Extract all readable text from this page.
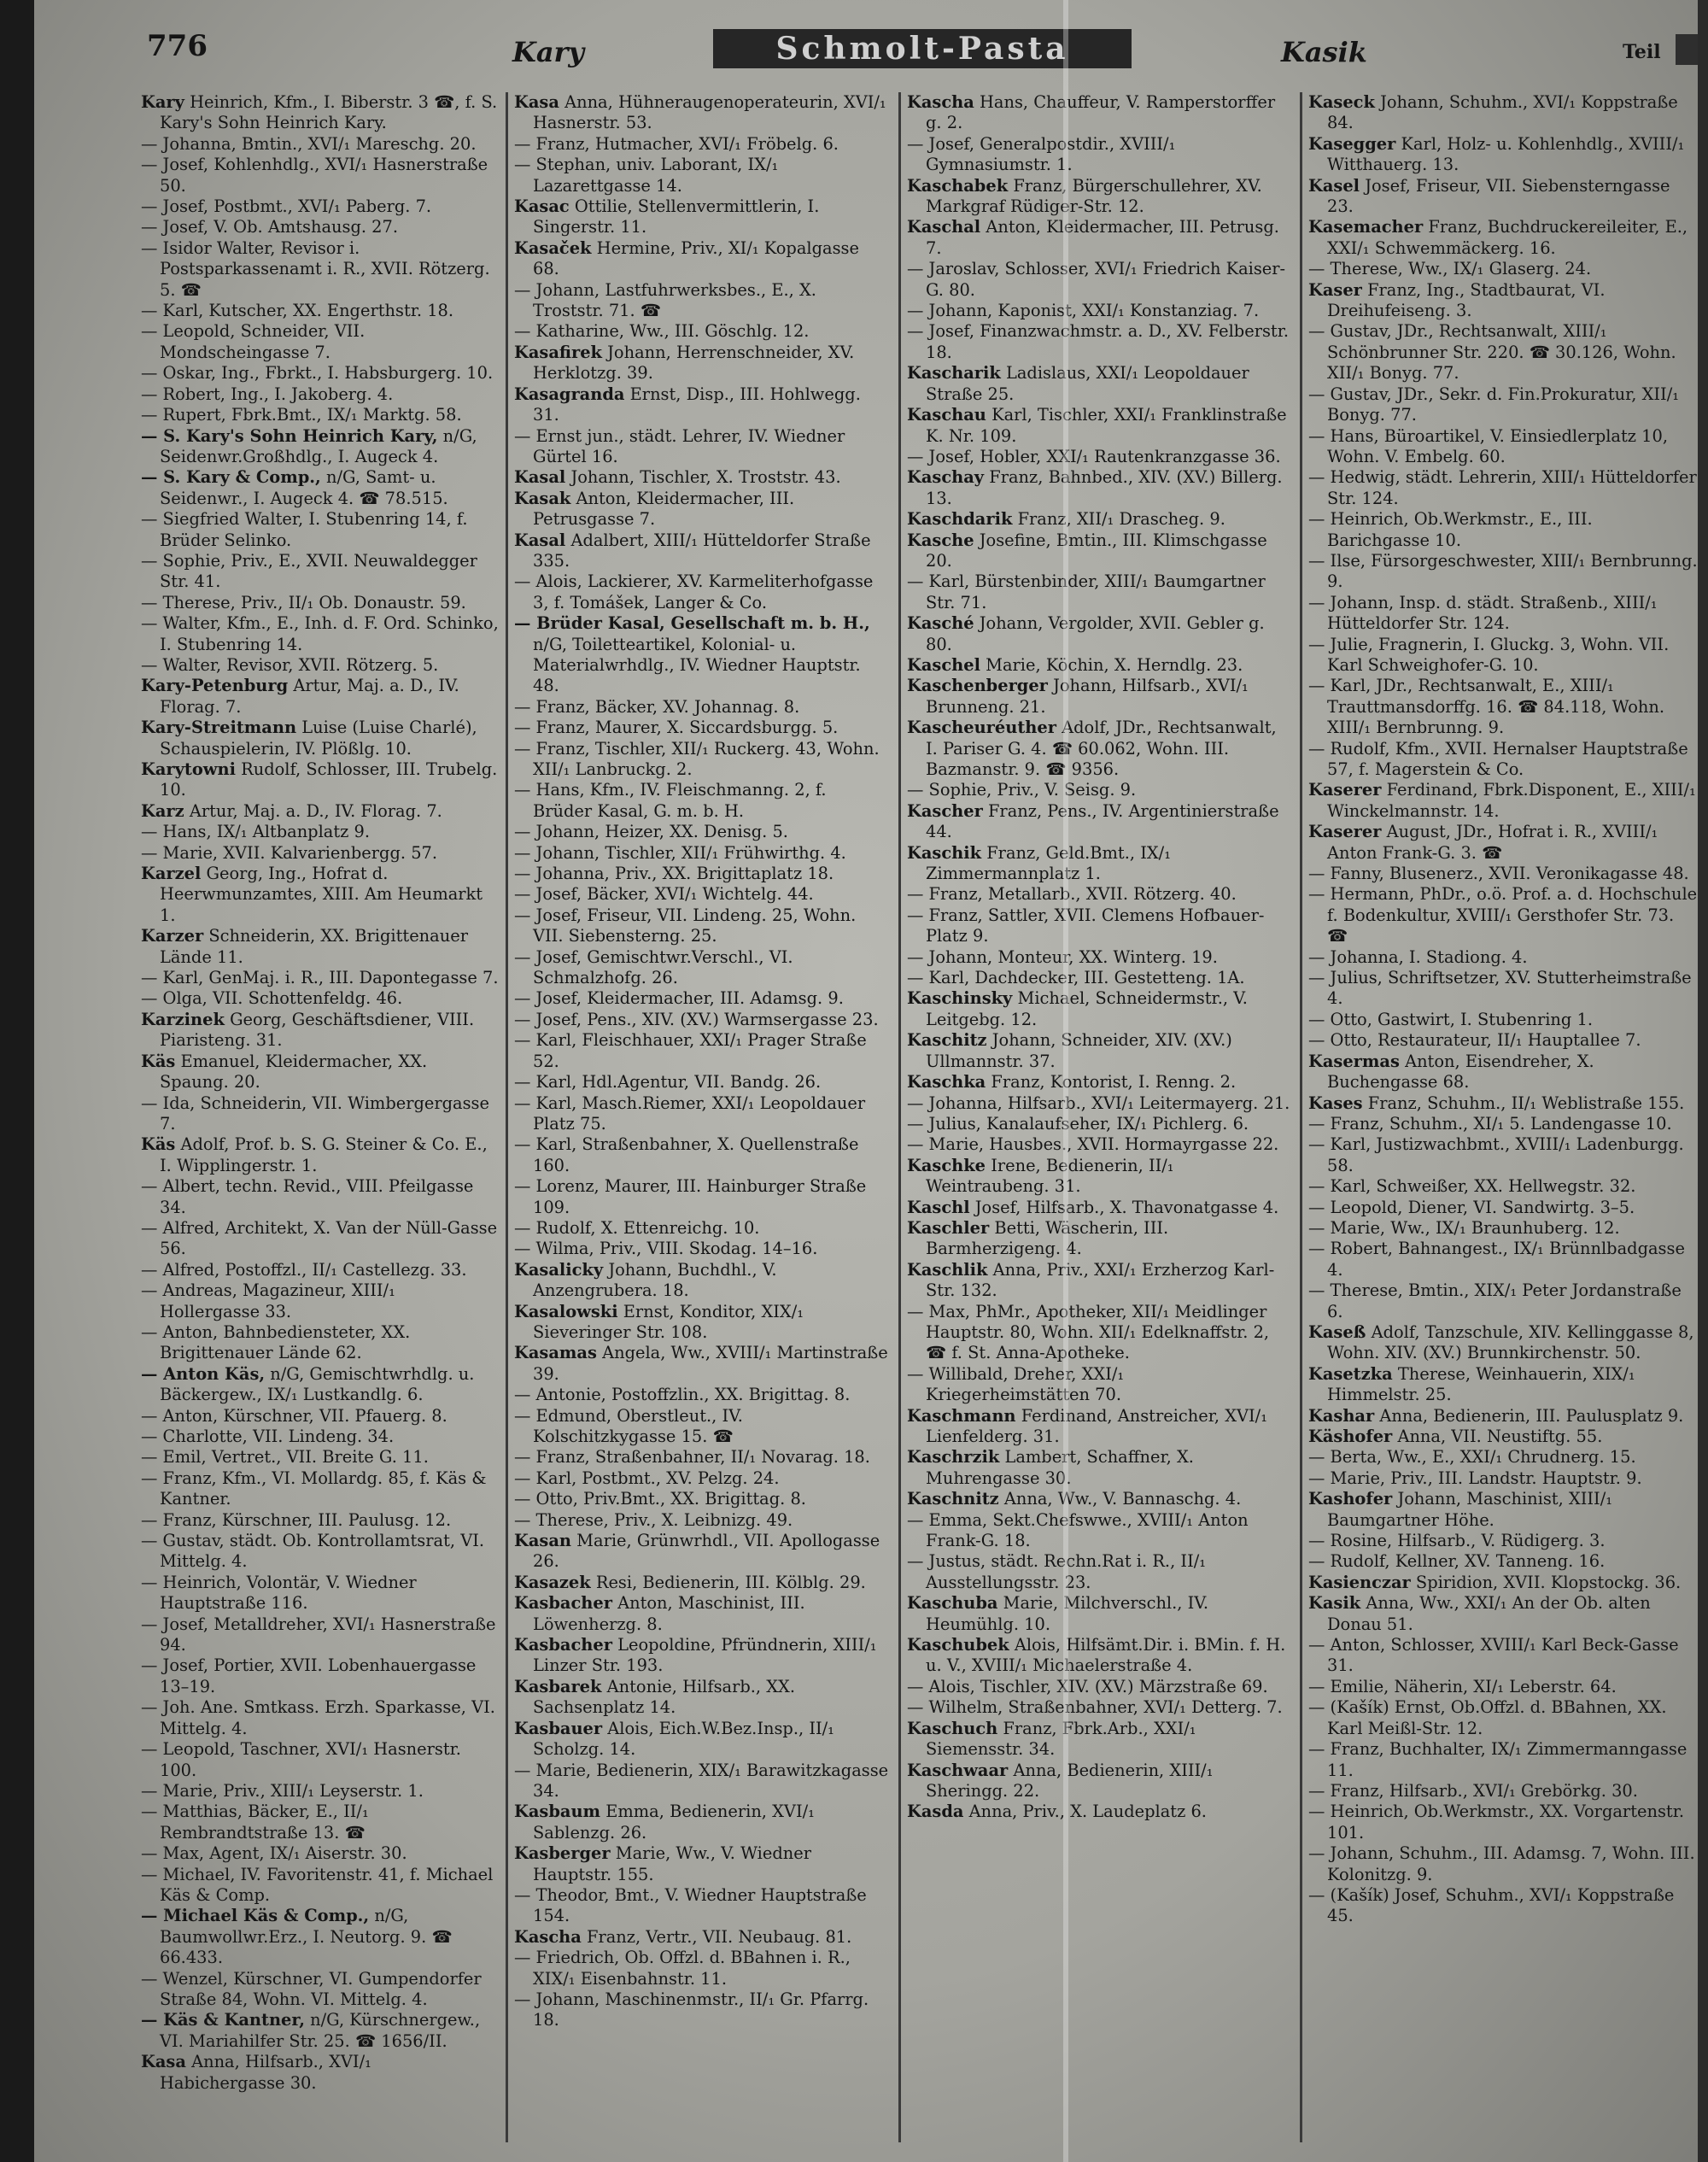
776	Kary	Schmolt-Pasta	Kasik	Teil

Kary Heinrich, Kfm., I. Biberstr. 3 ☎, f. S. Kary's Sohn Heinrich Kary.

— Johanna, Bmtin., XVI/₁ Mareschg. 20.

— Josef, Kohlenhdlg., XVI/₁ Hasnerstraße 50.

— Josef, Postbmt., XVI/₁ Paberg. 7.

— Josef, V. Ob. Amtshausg. 27.

— Isidor Walter, Revisor i. Postsparkassenamt i. R., XVII. Rötzerg. 5. ☎

— Karl, Kutscher, XX. Engerthstr. 18.

— Leopold, Schneider, VII. Mondscheingasse 7.

— Oskar, Ing., Fbrkt., I. Habsburgerg. 10.

— Robert, Ing., I. Jakoberg. 4.

— Rupert, Fbrk.Bmt., IX/₁ Marktg. 58.

— S. Kary's Sohn Heinrich Kary, n/G, Seidenwr.Großhdlg., I. Augeck 4.

— S. Kary & Comp., n/G, Samt- u. Seidenwr., I. Augeck 4. ☎ 78.515.

— Siegfried Walter, I. Stubenring 14, f. Brüder Selinko.

— Sophie, Priv., E., XVII. Neuwaldegger Str. 41.

— Therese, Priv., II/₁ Ob. Donaustr. 59.

— Walter, Kfm., E., Inh. d. F. Ord. Schinko, I. Stubenring 14.

— Walter, Revisor, XVII. Rötzerg. 5.

Kary-Petenburg Artur, Maj. a. D., IV. Florag. 7.

Kary-Streitmann Luise (Luise Charlé), Schauspielerin, IV. Plößlg. 10.

Karytowni Rudolf, Schlosser, III. Trubelg. 10.

Karz Artur, Maj. a. D., IV. Florag. 7.

— Hans, IX/₁ Altbanplatz 9.

— Marie, XVII. Kalvarienbergg. 57.

Karzel Georg, Ing., Hofrat d. Heerwmunzamtes, XIII. Am Heumarkt 1.

Karzer Schneiderin, XX. Brigittenauer Lände 11.

— Karl, GenMaj. i. R., III. Dapontegasse 7.

— Olga, VII. Schottenfeldg. 46.

Karzinek Georg, Geschäftsdiener, VIII. Piaristeng. 31.

Käs Emanuel, Kleidermacher, XX. Spaung. 20.

— Ida, Schneiderin, VII. Wimbergergasse 7.

Käs Adolf, Prof. b. S. G. Steiner & Co. E., I. Wipplingerstr. 1.

— Albert, techn. Revid., VIII. Pfeilgasse 34.

— Alfred, Architekt, X. Van der Nüll-Gasse 56.

— Alfred, Postoffzl., II/₁ Castellezg. 33.

— Andreas, Magazineur, XIII/₁ Hollergasse 33.

— Anton, Bahnbediensteter, XX. Brigittenauer Lände 62.

— Anton Käs, n/G, Gemischtwrhdlg. u. Bäckergew., IX/₁ Lustkandlg. 6.

— Anton, Kürschner, VII. Pfauerg. 8.

— Charlotte, VII. Lindeng. 34.

— Emil, Vertret., VII. Breite G. 11.

— Franz, Kfm., VI. Mollardg. 85, f. Käs & Kantner.

— Franz, Kürschner, III. Paulusg. 12.

— Gustav, städt. Ob. Kontrollamtsrat, VI. Mittelg. 4.

— Heinrich, Volontär, V. Wiedner Hauptstraße 116.

— Josef, Metalldreher, XVI/₁ Hasnerstraße 94.

— Josef, Portier, XVII. Lobenhauergasse 13–19.

— Joh. Ane. Smtkass. Erzh. Sparkasse, VI. Mittelg. 4.

— Leopold, Taschner, XVI/₁ Hasnerstr. 100.

— Marie, Priv., XIII/₁ Leyserstr. 1.

— Matthias, Bäcker, E., II/₁ Rembrandtstraße 13. ☎

— Max, Agent, IX/₁ Aiserstr. 30.

— Michael, IV. Favoritenstr. 41, f. Michael Käs & Comp.

— Michael Käs & Comp., n/G, Baumwollwr.Erz., I. Neutorg. 9. ☎ 66.433.

— Wenzel, Kürschner, VI. Gumpendorfer Straße 84, Wohn. VI. Mittelg. 4.

— Käs & Kantner, n/G, Kürschnergew., VI. Mariahilfer Str. 25. ☎ 1656/II.

Kasa Anna, Hilfsarb., XVI/₁ Habichergasse 30.

Kasa Anna, Hühneraugenoperateurin, XVI/₁ Hasnerstr. 53.

— Franz, Hutmacher, XVI/₁ Fröbelg. 6.

— Stephan, univ. Laborant, IX/₁ Lazarettgasse 14.

Kasac Ottilie, Stellenvermittlerin, I. Singerstr. 11.

Kasaček Hermine, Priv., XI/₁ Kopalgasse 68.

— Johann, Lastfuhrwerksbes., E., X. Troststr. 71. ☎

— Katharine, Ww., III. Göschlg. 12.

Kasafirek Johann, Herrenschneider, XV. Herklotzg. 39.

Kasagranda Ernst, Disp., III. Hohlwegg. 31.

— Ernst jun., städt. Lehrer, IV. Wiedner Gürtel 16.

Kasal Johann, Tischler, X. Troststr. 43.

Kasak Anton, Kleidermacher, III. Petrusgasse 7.

Kasal Adalbert, XIII/₁ Hütteldorfer Straße 335.

— Alois, Lackierer, XV. Karmeliterhofgasse 3, f. Tomášek, Langer & Co.

— Brüder Kasal, Gesellschaft m. b. H., n/G, Toiletteartikel, Kolonial- u. Materialwrhdlg., IV. Wiedner Hauptstr. 48.

— Franz, Bäcker, XV. Johannag. 8.

— Franz, Maurer, X. Siccardsburgg. 5.

— Franz, Tischler, XII/₁ Ruckerg. 43, Wohn. XII/₁ Lanbruckg. 2.

— Hans, Kfm., IV. Fleischmanng. 2, f. Brüder Kasal, G. m. b. H.

— Johann, Heizer, XX. Denisg. 5.

— Johann, Tischler, XII/₁ Frühwirthg. 4.

— Johanna, Priv., XX. Brigittaplatz 18.

— Josef, Bäcker, XVI/₁ Wichtelg. 44.

— Josef, Friseur, VII. Lindeng. 25, Wohn. VII. Siebensterng. 25.

— Josef, Gemischtwr.Verschl., VI. Schmalzhofg. 26.

— Josef, Kleidermacher, III. Adamsg. 9.

— Josef, Pens., XIV. (XV.) Warmsergasse 23.

— Karl, Fleischhauer, XXI/₁ Prager Straße 52.

— Karl, Hdl.Agentur, VII. Bandg. 26.

— Karl, Masch.Riemer, XXI/₁ Leopoldauer Platz 75.

— Karl, Straßenbahner, X. Quellenstraße 160.

— Lorenz, Maurer, III. Hainburger Straße 109.

— Rudolf, X. Ettenreichg. 10.

— Wilma, Priv., VIII. Skodag. 14–16.

Kasalicky Johann, Buchdhl., V. Anzengrubera. 18.

Kasalowski Ernst, Konditor, XIX/₁ Sieveringer Str. 108.

Kasamas Angela, Ww., XVIII/₁ Martinstraße 39.

— Antonie, Postoffzlin., XX. Brigittag. 8.

— Edmund, Oberstleut., IV. Kolschitzkygasse 15. ☎

— Franz, Straßenbahner, II/₁ Novarag. 18.

— Karl, Postbmt., XV. Pelzg. 24.

— Otto, Priv.Bmt., XX. Brigittag. 8.

— Therese, Priv., X. Leibnizg. 49.

Kasan Marie, Grünwrhdl., VII. Apollogasse 26.

Kasazek Resi, Bedienerin, III. Kölblg. 29.

Kasbacher Anton, Maschinist, III. Löwenherzg. 8.

Kasbacher Leopoldine, Pfründnerin, XIII/₁ Linzer Str. 193.

Kasbarek Antonie, Hilfsarb., XX. Sachsenplatz 14.

Kasbauer Alois, Eich.W.Bez.Insp., II/₁ Scholzg. 14.

— Marie, Bedienerin, XIX/₁ Barawitzkagasse 34.

Kasbaum Emma, Bedienerin, XVI/₁ Sablenzg. 26.

Kasberger Marie, Ww., V. Wiedner Hauptstr. 155.

— Theodor, Bmt., V. Wiedner Hauptstraße 154.

Kascha Franz, Vertr., VII. Neubaug. 81.

— Friedrich, Ob. Offzl. d. BBahnen i. R., XIX/₁ Eisenbahnstr. 11.

— Johann, Maschinenmstr., II/₁ Gr. Pfarrg. 18.

Kascha Hans, Chauffeur, V. Ramperstorffer g. 2.

— Josef, Generalpostdir., XVIII/₁ Gymnasiumstr. 1.

Kaschabek Franz, Bürgerschullehrer, XV. Markgraf Rüdiger-Str. 12.

Kaschal Anton, Kleidermacher, III. Petrusg. 7.

— Jaroslav, Schlosser, XVI/₁ Friedrich Kaiser-G. 80.

— Johann, Kaponist, XXI/₁ Konstanziag. 7.

— Josef, Finanzwachmstr. a. D., XV. Felberstr. 18.

Kascharik Ladislaus, XXI/₁ Leopoldauer Straße 25.

Kaschau Karl, Tischler, XXI/₁ Franklinstraße K. Nr. 109.

— Josef, Hobler, XXI/₁ Rautenkranzgasse 36.

Kaschay Franz, Bahnbed., XIV. (XV.) Billerg. 13.

Kaschdarik Franz, XII/₁ Drascheg. 9.

Kasche Josefine, Bmtin., III. Klimschgasse 20.

— Karl, Bürstenbinder, XIII/₁ Baumgartner Str. 71.

Kasché Johann, Vergolder, XVII. Gebler g. 80.

Kaschel Marie, Köchin, X. Herndlg. 23.

Kaschenberger Johann, Hilfsarb., XVI/₁ Brunneng. 21.

Kascheuréuther Adolf, JDr., Rechtsanwalt, I. Pariser G. 4. ☎ 60.062, Wohn. III. Bazmanstr. 9. ☎ 9356.

— Sophie, Priv., V. Seisg. 9.

Kascher Franz, Pens., IV. Argentinierstraße 44.

Kaschik Franz, Geld.Bmt., IX/₁ Zimmermannplatz 1.

— Franz, Metallarb., XVII. Rötzerg. 40.

— Franz, Sattler, XVII. Clemens Hofbauer-Platz 9.

— Johann, Monteur, XX. Winterg. 19.

— Karl, Dachdecker, III. Gestetteng. 1A.

Kaschinsky Michael, Schneidermstr., V. Leitgebg. 12.

Kaschitz Johann, Schneider, XIV. (XV.) Ullmannstr. 37.

Kaschka Franz, Kontorist, I. Renng. 2.

— Johanna, Hilfsarb., XVI/₁ Leitermayerg. 21.

— Julius, Kanalaufseher, IX/₁ Pichlerg. 6.

— Marie, Hausbes., XVII. Hormayrgasse 22.

Kaschke Irene, Bedienerin, II/₁ Weintraubeng. 31.

Kaschl Josef, Hilfsarb., X. Thavonatgasse 4.

Kaschler Betti, Wäscherin, III. Barmherzigeng. 4.

Kaschlik Anna, Priv., XXI/₁ Erzherzog Karl-Str. 132.

— Max, PhMr., Apotheker, XII/₁ Meidlinger Hauptstr. 80, Wohn. XII/₁ Edelknaffstr. 2, ☎ f. St. Anna-Apotheke.

— Willibald, Dreher, XXI/₁ Kriegerheimstätten 70.

Kaschmann Ferdinand, Anstreicher, XVI/₁ Lienfelderg. 31.

Kaschrzik Lambert, Schaffner, X. Muhrengasse 30.

Kaschnitz Anna, Ww., V. Bannaschg. 4.

— Emma, Sekt.Chefswwe., XVIII/₁ Anton Frank-G. 18.

— Justus, städt. Rechn.Rat i. R., II/₁ Ausstellungsstr. 23.

Kaschuba Marie, Milchverschl., IV. Heumühlg. 10.

Kaschubek Alois, Hilfsämt.Dir. i. BMin. f. H. u. V., XVIII/₁ Michaelerstraße 4.

— Alois, Tischler, XIV. (XV.) Märzstraße 69.

— Wilhelm, Straßenbahner, XVI/₁ Detterg. 7.

Kaschuch Franz, Fbrk.Arb., XXI/₁ Siemensstr. 34.

Kaschwaar Anna, Bedienerin, XIII/₁ Sheringg. 22.

Kasda Anna, Priv., X. Laudeplatz 6.

Kaseck Johann, Schuhm., XVI/₁ Koppstraße 84.

Kasegger Karl, Holz- u. Kohlenhdlg., XVIII/₁ Witthauerg. 13.

Kasel Josef, Friseur, VII. Siebensterngasse 23.

Kasemacher Franz, Buchdruckereileiter, E., XXI/₁ Schwemmäckerg. 16.

— Therese, Ww., IX/₁ Glaserg. 24.

Kaser Franz, Ing., Stadtbaurat, VI. Dreihufeiseng. 3.

— Gustav, JDr., Rechtsanwalt, XIII/₁ Schönbrunner Str. 220. ☎ 30.126, Wohn. XII/₁ Bonyg. 77.

— Gustav, JDr., Sekr. d. Fin.Prokuratur, XII/₁ Bonyg. 77.

— Hans, Büroartikel, V. Einsiedlerplatz 10, Wohn. V. Embelg. 60.

— Hedwig, städt. Lehrerin, XIII/₁ Hütteldorfer Str. 124.

— Heinrich, Ob.Werkmstr., E., III. Barichgasse 10.

— Ilse, Fürsorgeschwester, XIII/₁ Bernbrunng. 9.

— Johann, Insp. d. städt. Straßenb., XIII/₁ Hütteldorfer Str. 124.

— Julie, Fragnerin, I. Gluckg. 3, Wohn. VII. Karl Schweighofer-G. 10.

— Karl, JDr., Rechtsanwalt, E., XIII/₁ Trauttmansdorffg. 16. ☎ 84.118, Wohn. XIII/₁ Bernbrunng. 9.

— Rudolf, Kfm., XVII. Hernalser Hauptstraße 57, f. Magerstein & Co.

Kaserer Ferdinand, Fbrk.Disponent, E., XIII/₁ Winckelmannstr. 14.

Kaserer August, JDr., Hofrat i. R., XVIII/₁ Anton Frank-G. 3. ☎

— Fanny, Blusenerz., XVII. Veronikagasse 48.

— Hermann, PhDr., o.ö. Prof. a. d. Hochschule f. Bodenkultur, XVIII/₁ Gersthofer Str. 73. ☎

— Johanna, I. Stadiong. 4.

— Julius, Schriftsetzer, XV. Stutterheimstraße 4.

— Otto, Gastwirt, I. Stubenring 1.

— Otto, Restaurateur, II/₁ Hauptallee 7.

Kasermas Anton, Eisendreher, X. Buchengasse 68.

Kases Franz, Schuhm., II/₁ Weblistraße 155.

— Franz, Schuhm., XI/₁ 5. Landengasse 10.

— Karl, Justizwachbmt., XVIII/₁ Ladenburgg. 58.

— Karl, Schweißer, XX. Hellwegstr. 32.

— Leopold, Diener, VI. Sandwirtg. 3–5.

— Marie, Ww., IX/₁ Braunhuberg. 12.

— Robert, Bahnangest., IX/₁ Brünnlbadgasse 4.

— Therese, Bmtin., XIX/₁ Peter Jordanstraße 6.

Kaseß Adolf, Tanzschule, XIV. Kellinggasse 8, Wohn. XIV. (XV.) Brunnkirchenstr. 50.

Kasetzka Therese, Weinhauerin, XIX/₁ Himmelstr. 25.

Kashar Anna, Bedienerin, III. Paulusplatz 9.

Käshofer Anna, VII. Neustiftg. 55.

— Berta, Ww., E., XXI/₁ Chrudnerg. 15.

— Marie, Priv., III. Landstr. Hauptstr. 9.

Kashofer Johann, Maschinist, XIII/₁ Baumgartner Höhe.

— Rosine, Hilfsarb., V. Rüdigerg. 3.

— Rudolf, Kellner, XV. Tanneng. 16.

Kasienczar Spiridion, XVII. Klopstockg. 36.

Kasik Anna, Ww., XXI/₁ An der Ob. alten Donau 51.

— Anton, Schlosser, XVIII/₁ Karl Beck-Gasse 31.

— Emilie, Näherin, XI/₁ Leberstr. 64.

— (Kašík) Ernst, Ob.Offzl. d. BBahnen, XX. Karl Meißl-Str. 12.

— Franz, Buchhalter, IX/₁ Zimmermanngasse 11.

— Franz, Hilfsarb., XVI/₁ Grebörkg. 30.

— Heinrich, Ob.Werkmstr., XX. Vorgartenstr. 101.

— Johann, Schuhm., III. Adamsg. 7, Wohn. III. Kolonitzg. 9.

— (Kašík) Josef, Schuhm., XVI/₁ Koppstraße 45.
